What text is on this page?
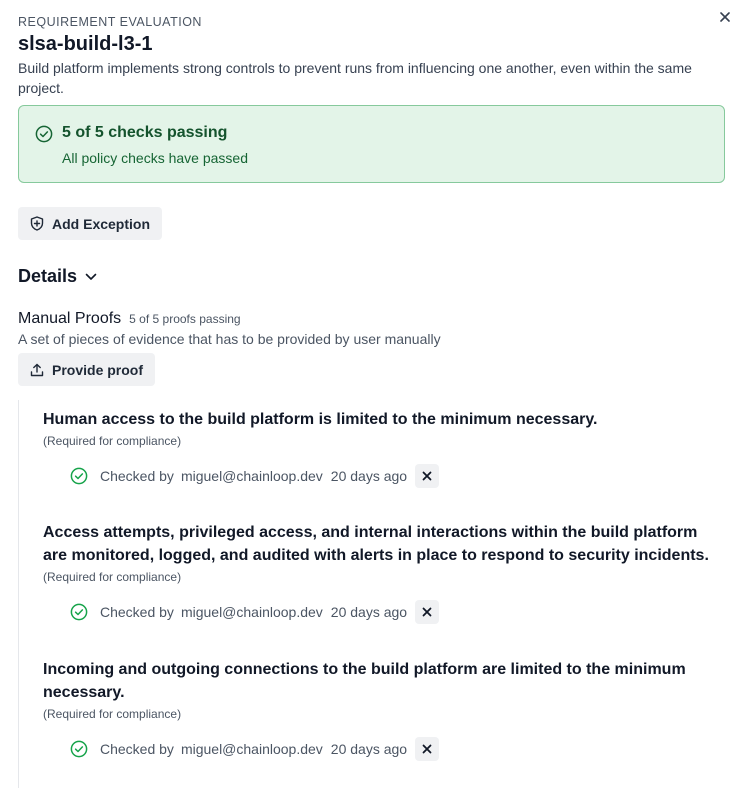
REQUIREMENT EVALUATION
slsa-build-l3-1
Build platform implements strong controls to prevent runs from influencing one another, even within the same project.
5 of 5 checks passing
All policy checks have passed
Add Exception
Details
Manual Proofs 5 of 5 proofs passing
A set of pieces of evidence that has to be provided by user manually
Provide proof
Human access to the build platform is limited to the minimum necessary.
(Required for compliance)
Checked by miguel@chainloop.dev 20 days ago
Access attempts, privileged access, and internal interactions within the build platform are monitored, logged, and audited with alerts in place to respond to security incidents.
(Required for compliance)
Checked by miguel@chainloop.dev 20 days ago
Incoming and outgoing connections to the build platform are limited to the minimum necessary.
(Required for compliance)
Checked by miguel@chainloop.dev 20 days ago
